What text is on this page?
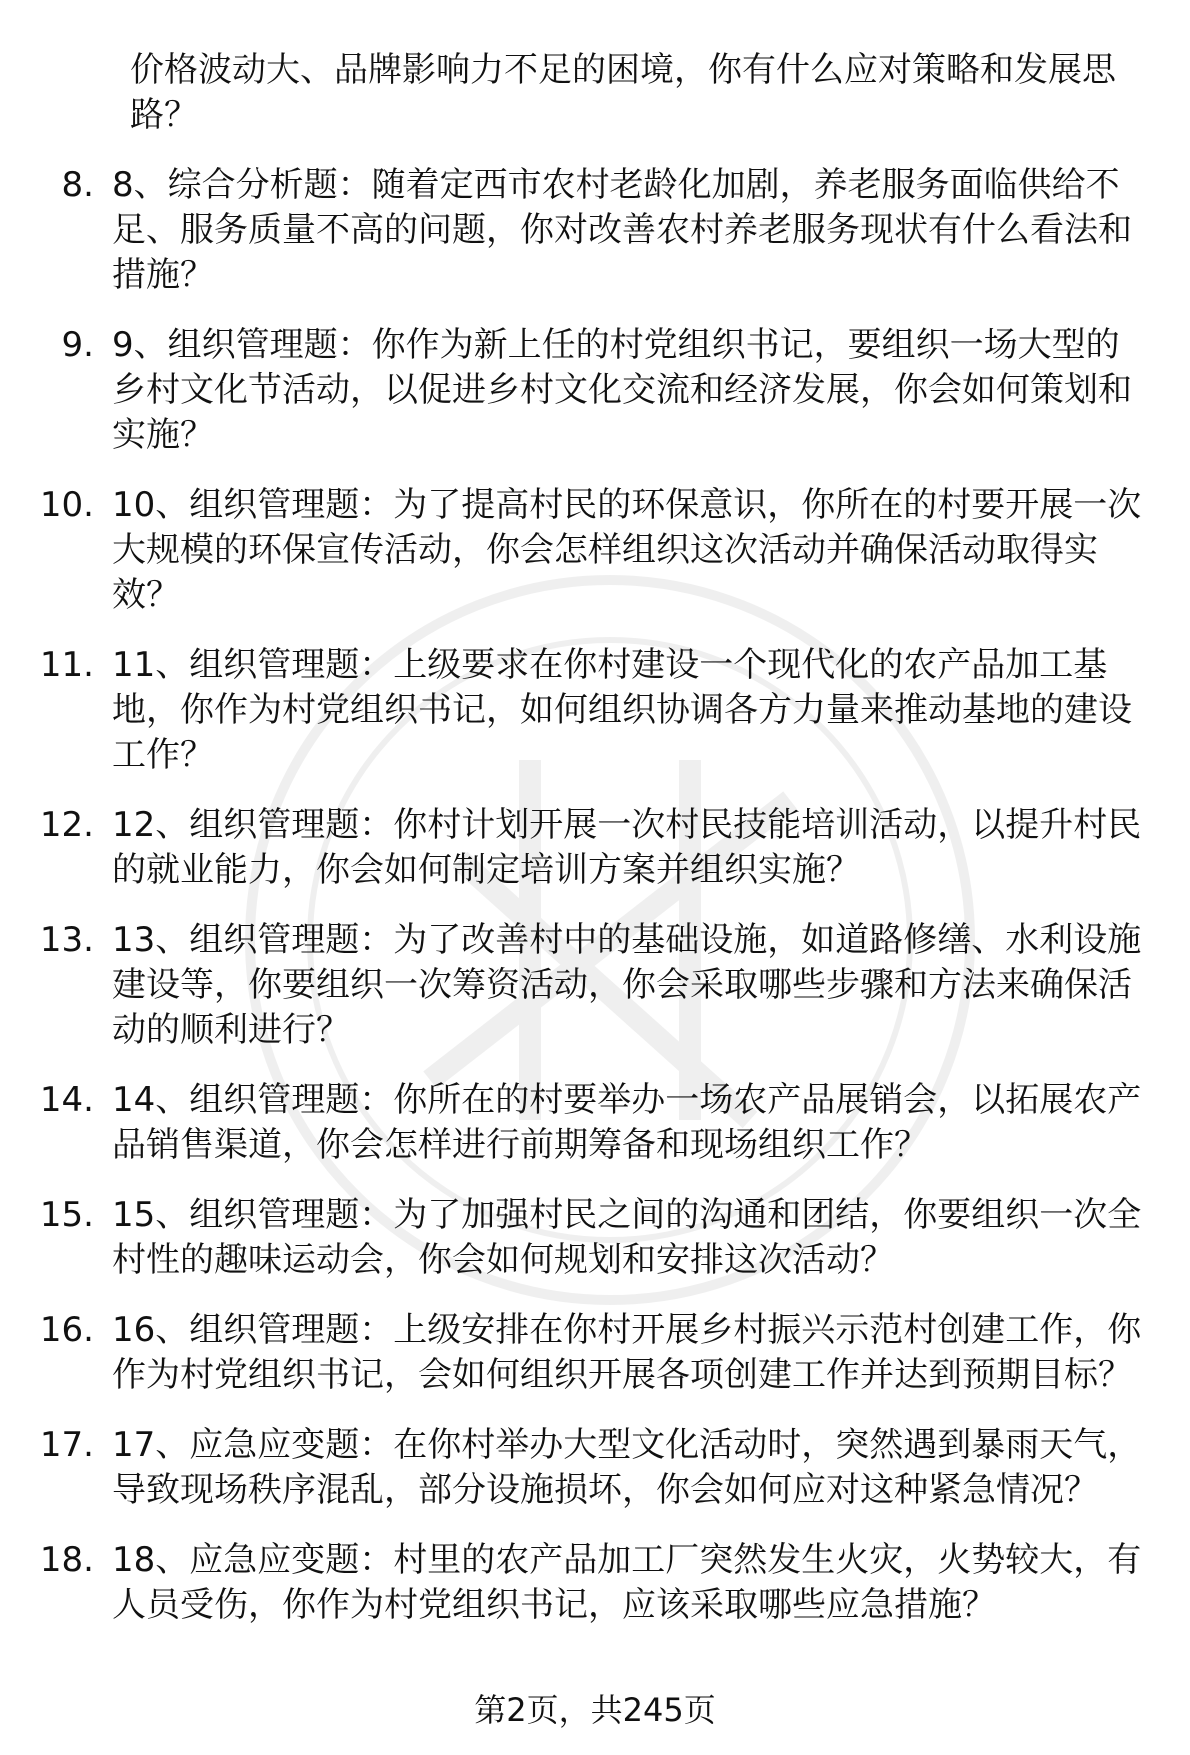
价格波动大、品牌影响力不足的困境，你有什么应对策略和发展思路？
8. 8、综合分析题：随着定西市农村老龄化加剧，养老服务面临供给不足、服务质量不高的问题，你对改善农村养老服务现状有什么看法和措施？
9. 9、组织管理题：你作为新上任的村党组织书记，要组织一场大型的乡村文化节活动，以促进乡村文化交流和经济发展，你会如何策划和实施？
10. 10、组织管理题：为了提高村民的环保意识，你所在的村要开展一次大规模的环保宣传活动，你会怎样组织这次活动并确保活动取得实效？
11. 11、组织管理题：上级要求在你村建设一个现代化的农产品加工基地，你作为村党组织书记，如何组织协调各方力量来推动基地的建设工作？
12. 12、组织管理题：你村计划开展一次村民技能培训活动，以提升村民的就业能力，你会如何制定培训方案并组织实施？
13. 13、组织管理题：为了改善村中的基础设施，如道路修缮、水利设施建设等，你要组织一次筹资活动，你会采取哪些步骤和方法来确保活动的顺利进行？
14. 14、组织管理题：你所在的村要举办一场农产品展销会，以拓展农产品销售渠道，你会怎样进行前期筹备和现场组织工作？
15. 15、组织管理题：为了加强村民之间的沟通和团结，你要组织一次全村性的趣味运动会，你会如何规划和安排这次活动？
16. 16、组织管理题：上级安排在你村开展乡村振兴示范村创建工作，你作为村党组织书记，会如何组织开展各项创建工作并达到预期目标？
17. 17、应急应变题：在你村举办大型文化活动时，突然遇到暴雨天气，导致现场秩序混乱，部分设施损坏，你会如何应对这种紧急情况？
18. 18、应急应变题：村里的农产品加工厂突然发生火灾，火势较大，有人员受伤，你作为村党组织书记，应该采取哪些应急措施？
第2页，共245页
